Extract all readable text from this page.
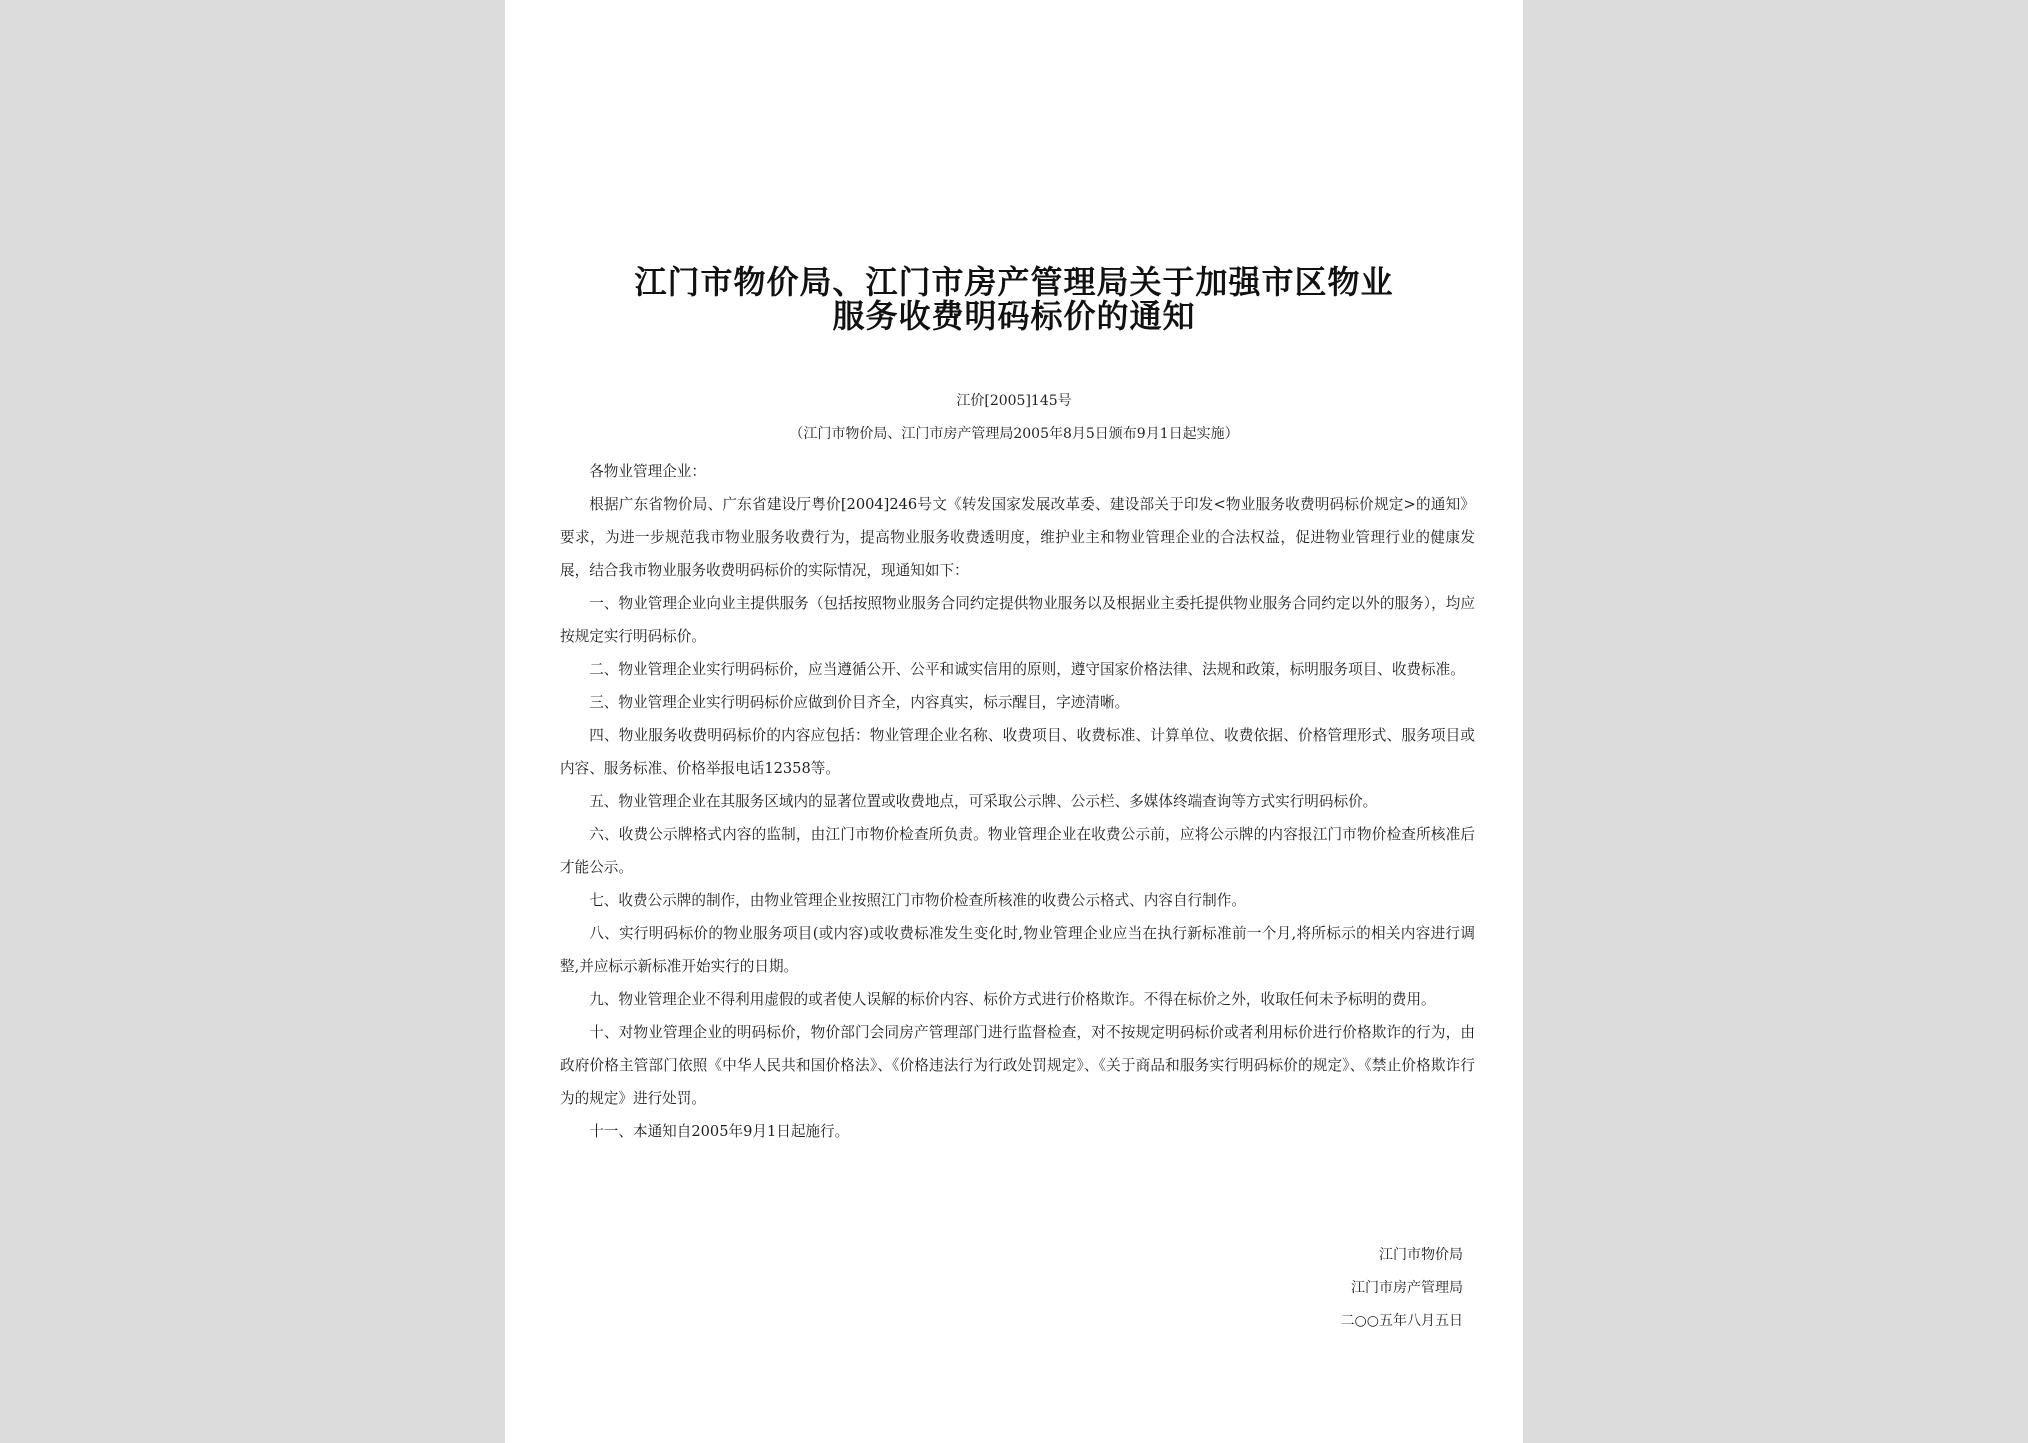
江门市物价局、江门市房产管理局关于加强市区物业
服务收费明码标价的通知
江价[2005]145号
（江门市物价局、江门市房产管理局2005年8月5日颁布9月1日起实施）

各物业管理企业：

根据广东省物价局、广东省建设厅粤价[2004]246号文《转发国家发展改革委、建设部关于印发<物业服务收费明码标价规定>的通知》要求，为进一步规范我市物业服务收费行为，提高物业服务收费透明度，维护业主和物业管理企业的合法权益，促进物业管理行业的健康发展，结合我市物业服务收费明码标价的实际情况，现通知如下：

一、物业管理企业向业主提供服务（包括按照物业服务合同约定提供物业服务以及根据业主委托提供物业服务合同约定以外的服务），均应按规定实行明码标价。

二、物业管理企业实行明码标价，应当遵循公开、公平和诚实信用的原则，遵守国家价格法律、法规和政策，标明服务项目、收费标准。

三、物业管理企业实行明码标价应做到价目齐全，内容真实，标示醒目，字迹清晰。

四、物业服务收费明码标价的内容应包括：物业管理企业名称、收费项目、收费标准、计算单位、收费依据、价格管理形式、服务项目或内容、服务标准、价格举报电话12358等。

五、物业管理企业在其服务区域内的显著位置或收费地点，可采取公示牌、公示栏、多媒体终端查询等方式实行明码标价。

六、收费公示牌格式内容的监制，由江门市物价检查所负责。物业管理企业在收费公示前，应将公示牌的内容报江门市物价检查所核准后才能公示。

七、收费公示牌的制作，由物业管理企业按照江门市物价检查所核准的收费公示格式、内容自行制作。

八、实行明码标价的物业服务项目(或内容)或收费标准发生变化时,物业管理企业应当在执行新标准前一个月,将所标示的相关内容进行调整,并应标示新标准开始实行的日期。

九、物业管理企业不得利用虚假的或者使人误解的标价内容、标价方式进行价格欺诈。不得在标价之外，收取任何未予标明的费用。

十、对物业管理企业的明码标价，物价部门会同房产管理部门进行监督检查，对不按规定明码标价或者利用标价进行价格欺诈的行为，由政府价格主管部门依照《中华人民共和国价格法》、《价格违法行为行政处罚规定》、《关于商品和服务实行明码标价的规定》、《禁止价格欺诈行为的规定》进行处罚。

十一、本通知自2005年9月1日起施行。

江门市物价局
江门市房产管理局
二○○五年八月五日
